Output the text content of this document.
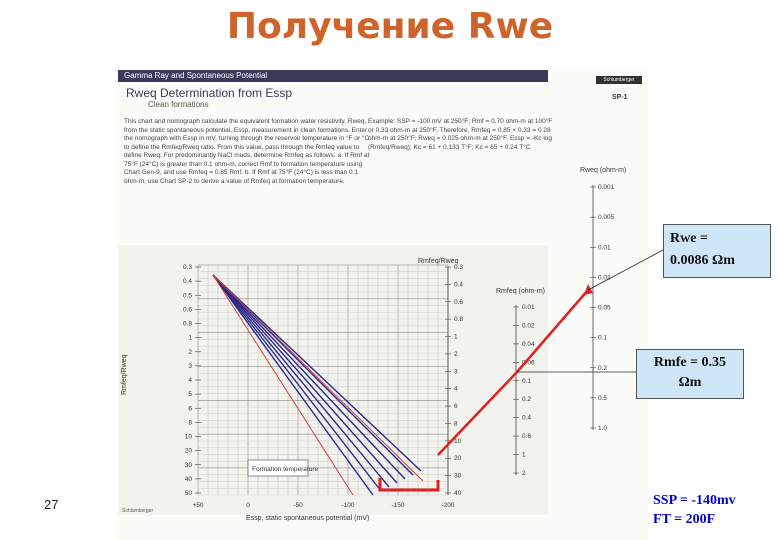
Получение Rwe
Gamma Ray and Spontaneous Potential	Schlumberger
Rweq Determination from Essp	SP-1
Clean formations
This chart and nomograph calculate the equivalent formation water resistivity, Rweq, from the static spontaneous potential, Essp, measurement in clean formations. Enter the nomograph with Essp in mV, turning through the reservoir temperature in °F or °C to define the Rmfeq/Rweq ratio. From this value, pass through the Rmfeq value to define Rweq. For predominantly NaCl muds, determine Rmfeq as follows: a. If Rmf at 75°F (24°C) is greater than 0.1 ohm-m, correct Rmf to formation temperature using Chart Gen-9, and use Rmfeq = 0.85 Rmf. b. If Rmf at 75°F (24°C) is less than 0.1 ohm-m, use Chart SP-2 to derive a value of Rmfeq at formation temperature.
Example: SSP = -100 mV at 250°F; Rmf = 0.70 ohm-m at 100°F or 0.33 ohm-m at 250°F. Therefore, Rmfeq = 0.85 × 0.33 = 0.28 ohm-m at 250°F; Rweq = 0.025 ohm-m at 250°F. Essp = -Kc log (Rmfeq/Rweq); Kc = 61 + 0.133 T°F; Kc = 65 + 0.24 T°C
0.3
0.4
0.5
0.6
0.8
1
2
3
4
5
6
8
10
20
30
40
50
0.3
0.4
0.6
0.8
1
2
3
4
6
8
10
20
30
40
0.01
0.02
0.04
0.06
0.1
0.2
0.4
0.6
1
2
+50	0	-50	-100	-150	-200
Rmfeq/Rweq
Rmfeq (ohm-m)
Rmfeq/Rweq
Essp, static spontaneous potential (mV)
Formation temperature
Schlumberger
0.001
0.005
0.01
0.02
0.05
0.1
0.2
0.5
1.0
Rweq (ohm-m)
Rwe =
0.0086 Ωm
Rmfe = 0.35
Ωm
SSP = -140mv
FT = 200F
27
